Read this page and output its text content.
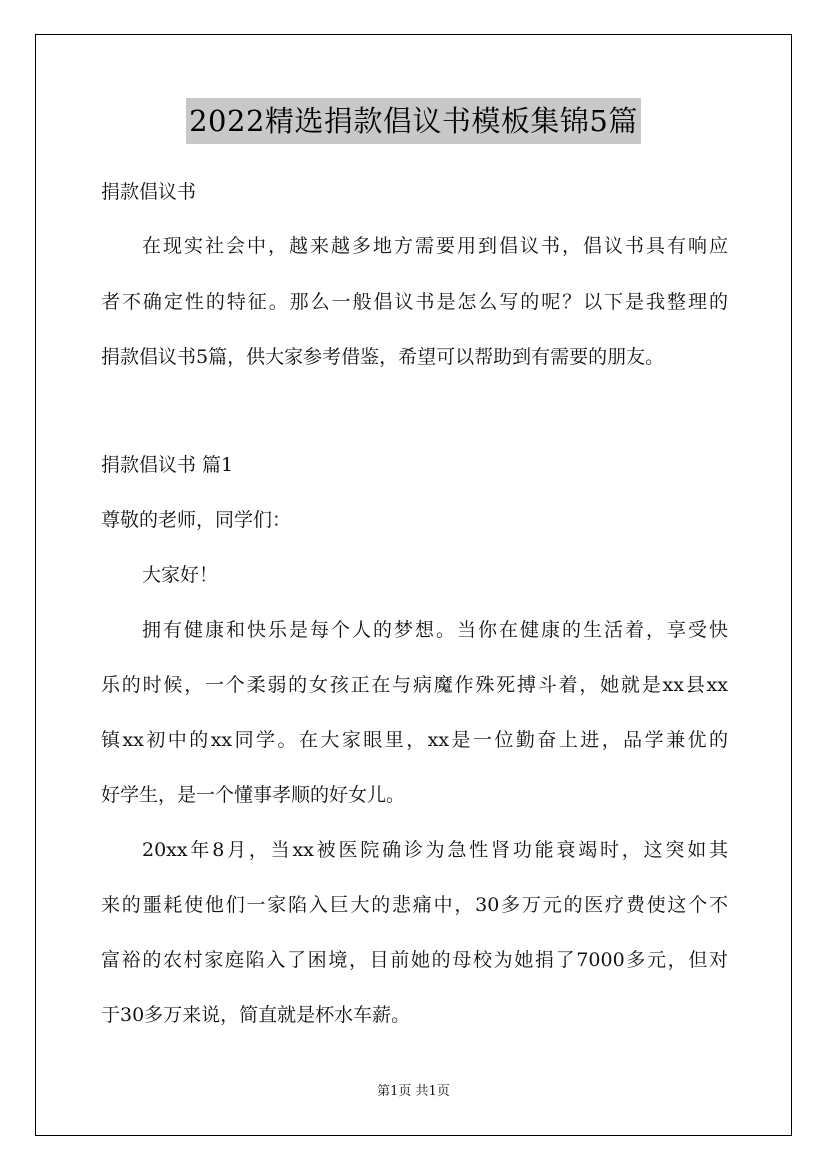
2022精选捐款倡议书模板集锦5篇
捐款倡议书
在现实社会中，越来越多地方需要用到倡议书，倡议书具有响应
者不确定性的特征。那么一般倡议书是怎么写的呢？以下是我整理的
捐款倡议书5篇，供大家参考借鉴，希望可以帮助到有需要的朋友。
捐款倡议书 篇1
尊敬的老师，同学们：
大家好！
拥有健康和快乐是每个人的梦想。当你在健康的生活着，享受快
乐的时候，一个柔弱的女孩正在与病魔作殊死搏斗着，她就是xx县xx
镇xx初中的xx同学。在大家眼里，xx是一位勤奋上进，品学兼优的
好学生，是一个懂事孝顺的好女儿。
20xx年8月，当xx被医院确诊为急性肾功能衰竭时，这突如其
来的噩耗使他们一家陷入巨大的悲痛中，30多万元的医疗费使这个不
富裕的农村家庭陷入了困境，目前她的母校为她捐了7000多元，但对
于30多万来说，简直就是杯水车薪。
第1页 共1页
